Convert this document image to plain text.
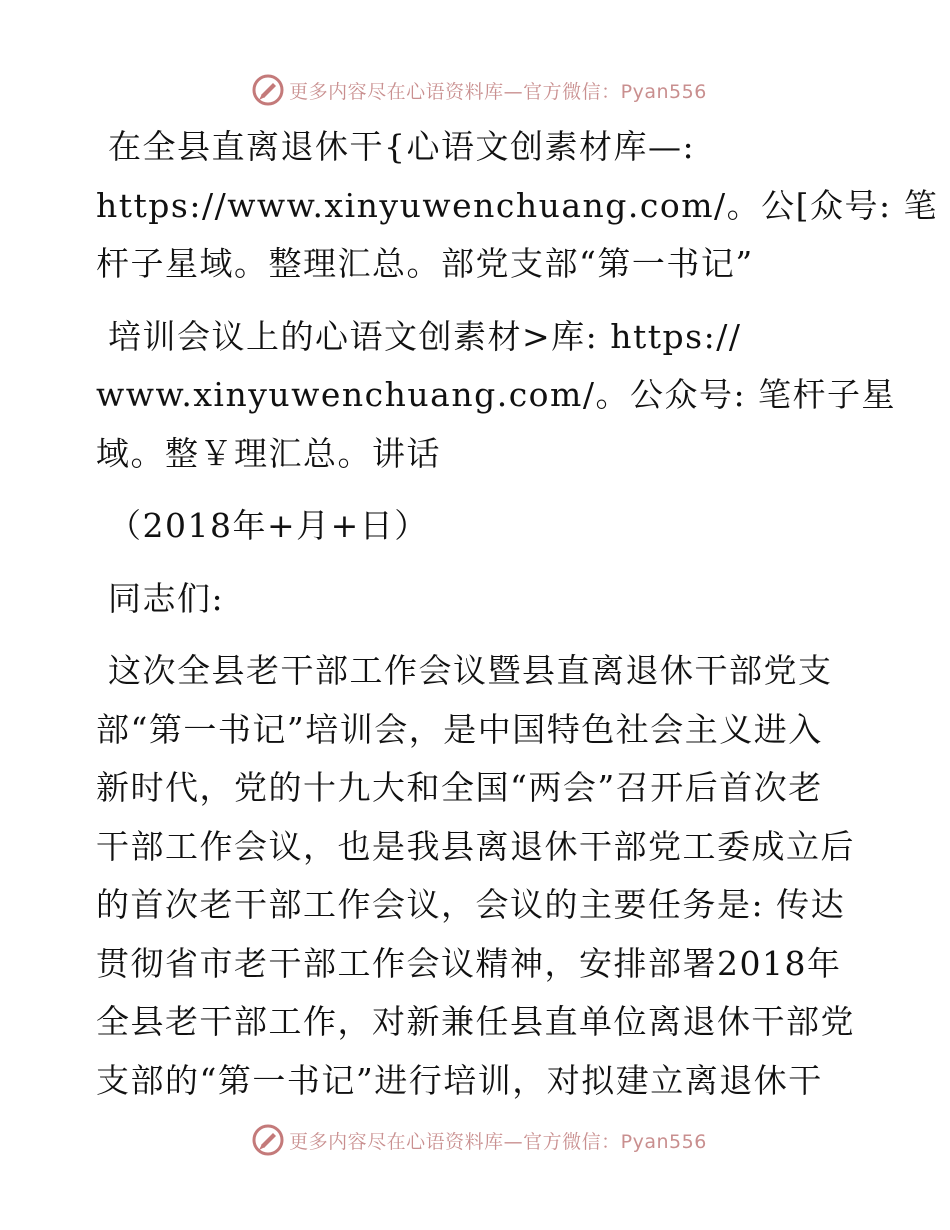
更多内容尽在心语资料库—官方微信：Pyan556
在全县直离退休干{心语文创素材库—:
https://www.xinyuwenchuang.com/。公[众号: 笔
杆子星域。整理汇总。部党支部“第一书记”
培训会议上的心语文创素材>库: https://
www.xinyuwenchuang.com/。公众号: 笔杆子星
域。整￥理汇总。讲话
（2018年+月+日）
同志们:
这次全县老干部工作会议暨县直离退休干部党支
部“第一书记”培训会，是中国特色社会主义进入
新时代，党的十九大和全国“两会”召开后首次老
干部工作会议，也是我县离退休干部党工委成立后
的首次老干部工作会议，会议的主要任务是: 传达
贯彻省市老干部工作会议精神，安排部署2018年
全县老干部工作，对新兼任县直单位离退休干部党
支部的“第一书记”进行培训，对拟建立离退休干
更多内容尽在心语资料库—官方微信：Pyan556
